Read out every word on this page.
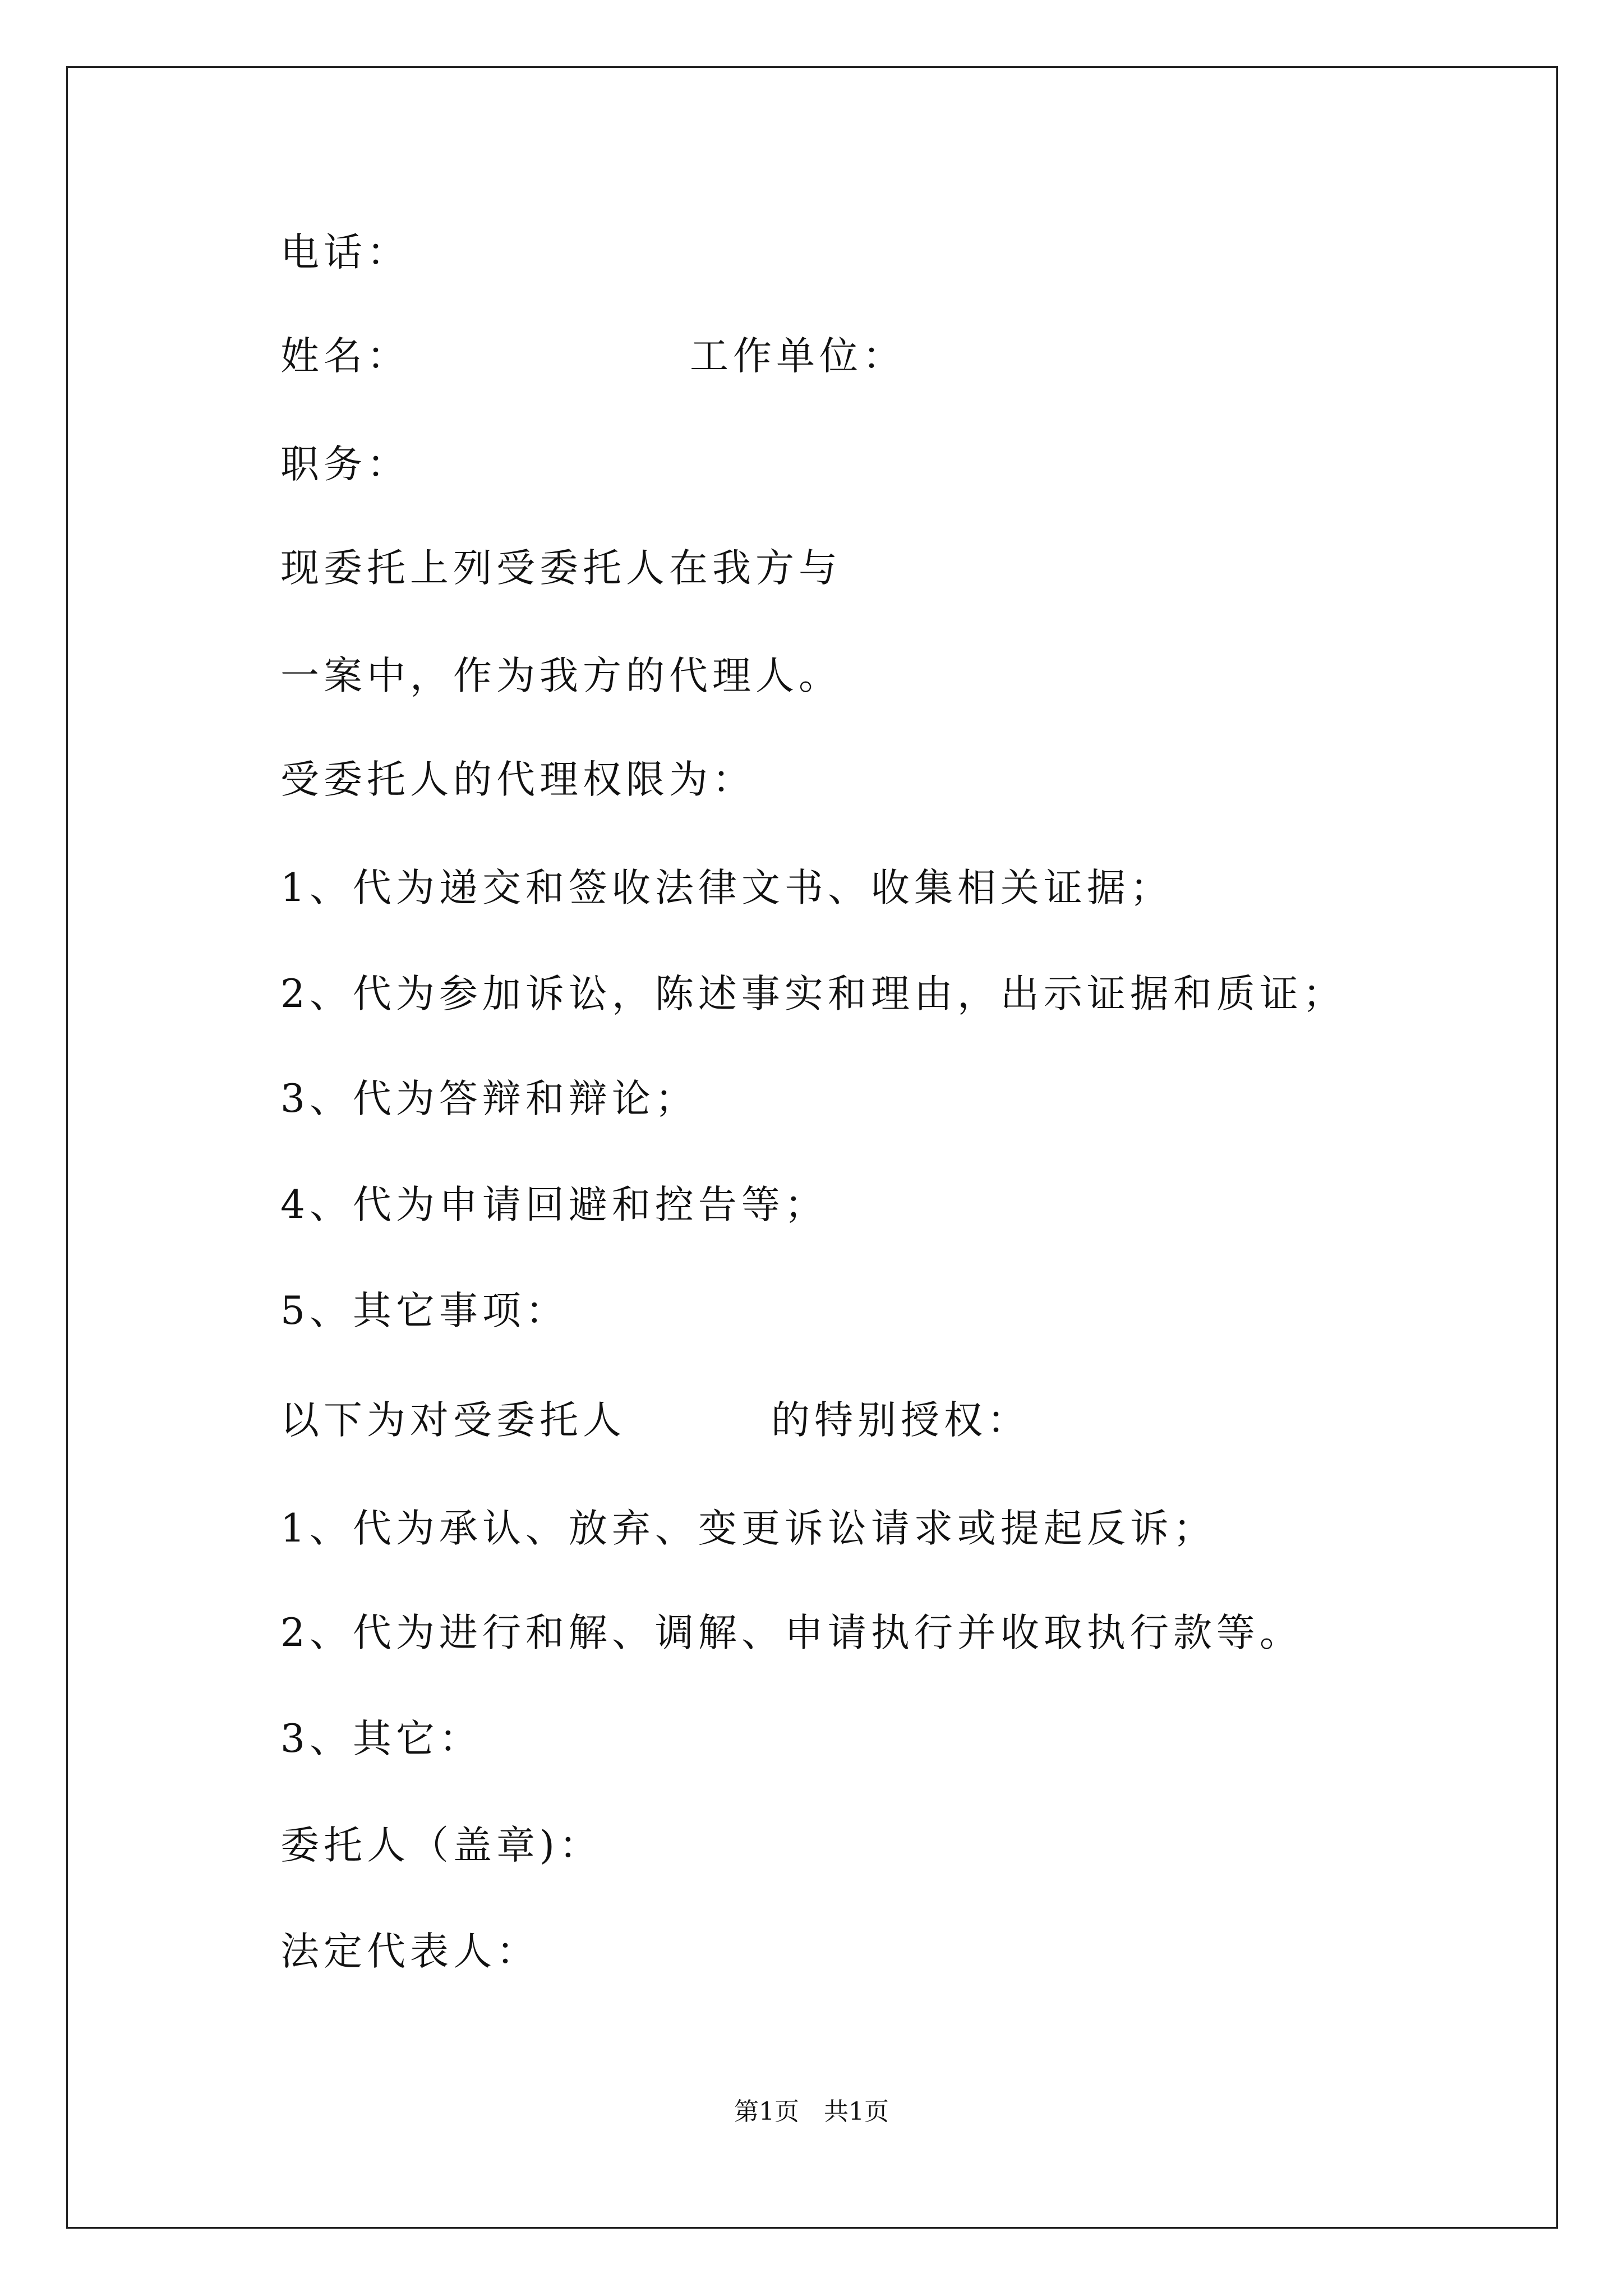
电话：
姓名：	工作单位：
职务：
现委托上列受委托人在我方与
一案中，作为我方的代理人。
受委托人的代理权限为：
1、代为递交和签收法律文书、收集相关证据；
2、代为参加诉讼，陈述事实和理由，出示证据和质证；
3、代为答辩和辩论；
4、代为申请回避和控告等；
5、其它事项：
以下为对受委托人	的特别授权：
1、代为承认、放弃、变更诉讼请求或提起反诉；
2、代为进行和解、调解、申请执行并收取执行款等。
3、其它：
委托人（盖章)：
法定代表人：
第1页　共1页
